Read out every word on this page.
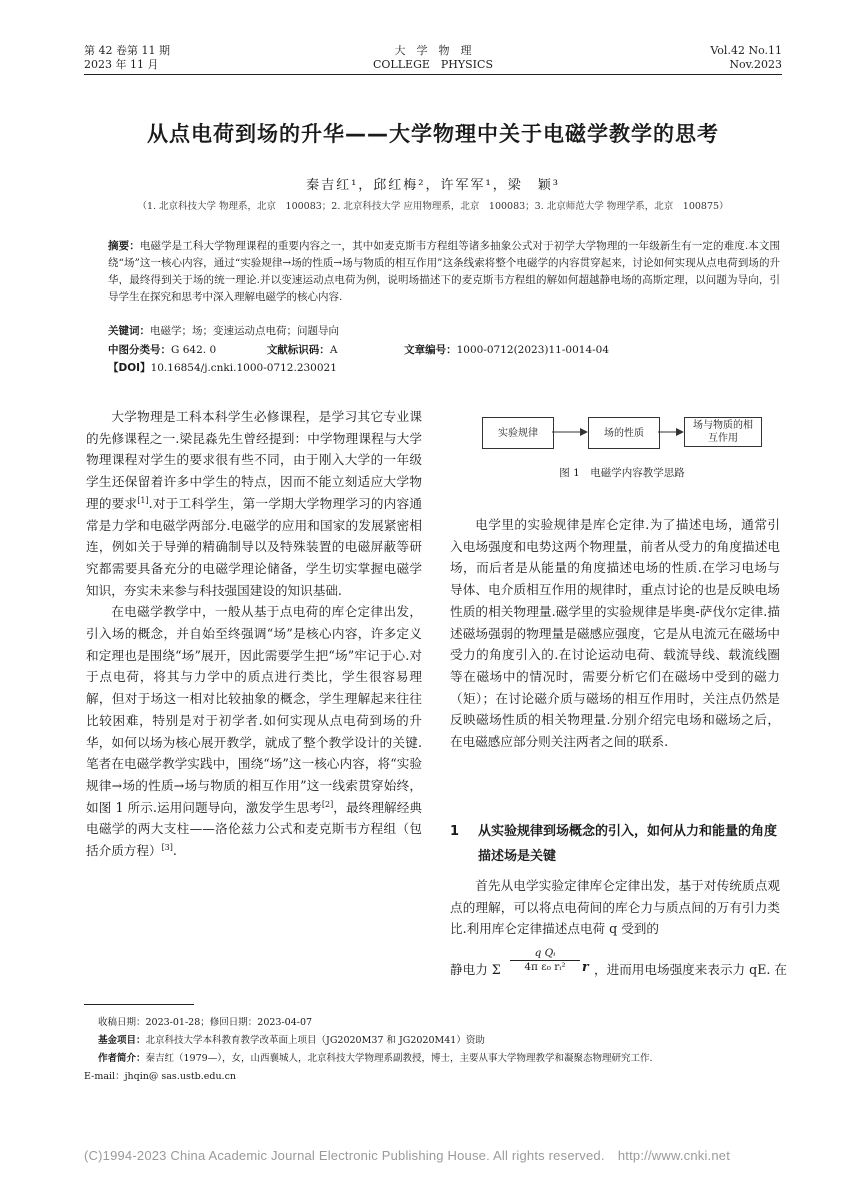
第 42 卷第 11 期
2023 年 11 月
大　学　物　理
COLLEGE　PHYSICS
Vol.42 No.11
Nov.2023
从点电荷到场的升华——大学物理中关于电磁学教学的思考
秦吉红¹，邱红梅²，许军军¹，梁　颖³
（1. 北京科技大学 物理系，北京　100083；2. 北京科技大学 应用物理系，北京　100083；3. 北京师范大学 物理学系，北京　100875）
摘要：电磁学是工科大学物理课程的重要内容之一，其中如麦克斯韦方程组等诸多抽象公式对于初学大学物理的一年级新生有一定的难度.本文围绕“场”这一核心内容，通过“实验规律→场的性质→场与物质的相互作用”这条线索将整个电磁学的内容贯穿起来，讨论如何实现从点电荷到场的升华，最终得到关于场的统一理论.并以变速运动点电荷为例，说明场描述下的麦克斯韦方程组的解如何超越静电场的高斯定理，以问题为导向，引导学生在探究和思考中深入理解电磁学的核心内容.
关键词：电磁学；场；变速运动点电荷；问题导向
中图分类号：G 642. 0	文献标识码：A	文章编号：1000-0712(2023)11-0014-04
【DOI】10.16854/j.cnki.1000-0712.230021

大学物理是工科本科学生必修课程，是学习其它专业课的先修课程之一.梁昆淼先生曾经提到：中学物理课程与大学物理课程对学生的要求很有些不同，由于刚入大学的一年级学生还保留着许多中学生的特点，因而不能立刻适应大学物理的要求[1].对于工科学生，第一学期大学物理学习的内容通常是力学和电磁学两部分.电磁学的应用和国家的发展紧密相连，例如关于导弹的精确制导以及特殊装置的电磁屏蔽等研究都需要具备充分的电磁学理论储备，学生切实掌握电磁学知识，夯实未来参与科技强国建设的知识基础.

在电磁学教学中，一般从基于点电荷的库仑定律出发，引入场的概念，并自始至终强调“场”是核心内容，许多定义和定理也是围绕“场”展开，因此需要学生把“场”牢记于心.对于点电荷，将其与力学中的质点进行类比，学生很容易理解，但对于场这一相对比较抽象的概念，学生理解起来往往比较困难，特别是对于初学者.如何实现从点电荷到场的升华，如何以场为核心展开教学，就成了整个教学设计的关键.笔者在电磁学教学实践中，围绕“场”这一核心内容，将“实验规律→场的性质→场与物质的相互作用”这一线索贯穿始终，如图 1 所示.运用问题导向，激发学生思考[2]，最终理解经典电磁学的两大支柱——洛伦兹力公式和麦克斯韦方程组（包括介质方程）[3].

实验规律	场的性质
场与物质的相互作用
图 1　电磁学内容教学思路

电学里的实验规律是库仑定律.为了描述电场，通常引入电场强度和电势这两个物理量，前者从受力的角度描述电场，而后者是从能量的角度描述电场的性质.在学习电场与导体、电介质相互作用的规律时，重点讨论的也是反映电场性质的相关物理量.磁学里的实验规律是毕奥-萨伐尔定律.描述磁场强弱的物理量是磁感应强度，它是从电流元在磁场中受力的角度引入的.在讨论运动电荷、载流导线、载流线圈等在磁场中的情况时，需要分析它们在磁场中受到的磁力（矩）；在讨论磁介质与磁场的相互作用时，关注点仍然是反映磁场性质的相关物理量.分别介绍完电场和磁场之后，在电磁感应部分则关注两者之间的联系.

1 从实验规律到场概念的引入，如何从力和能量的角度描述场是关键

首先从电学实验定律库仑定律出发，基于对传统质点观点的理解，可以将点电荷间的库仑力与质点间的万有引力类比.利用库仑定律描述点电荷 q 受到的

静电力 Σ
q Qᵢ
4π ε₀ rᵢ²	r ，进而用电场强度来表示力 qE. 在
收稿日期：2023-01-28；修回日期：2023-04-07
基金项目：北京科技大学本科教育教学改革面上项目（JG2020M37 和 JG2020M41）资助
作者简介：秦吉红（1979—），女，山西襄城人，北京科技大学物理系副教授，博士，主要从事大学物理教学和凝聚态物理研究工作.
E-mail：jhqin@ sas.ustb.edu.cn
(C)1994-2023 China Academic Journal Electronic Publishing House. All rights reserved.　http://www.cnki.net
